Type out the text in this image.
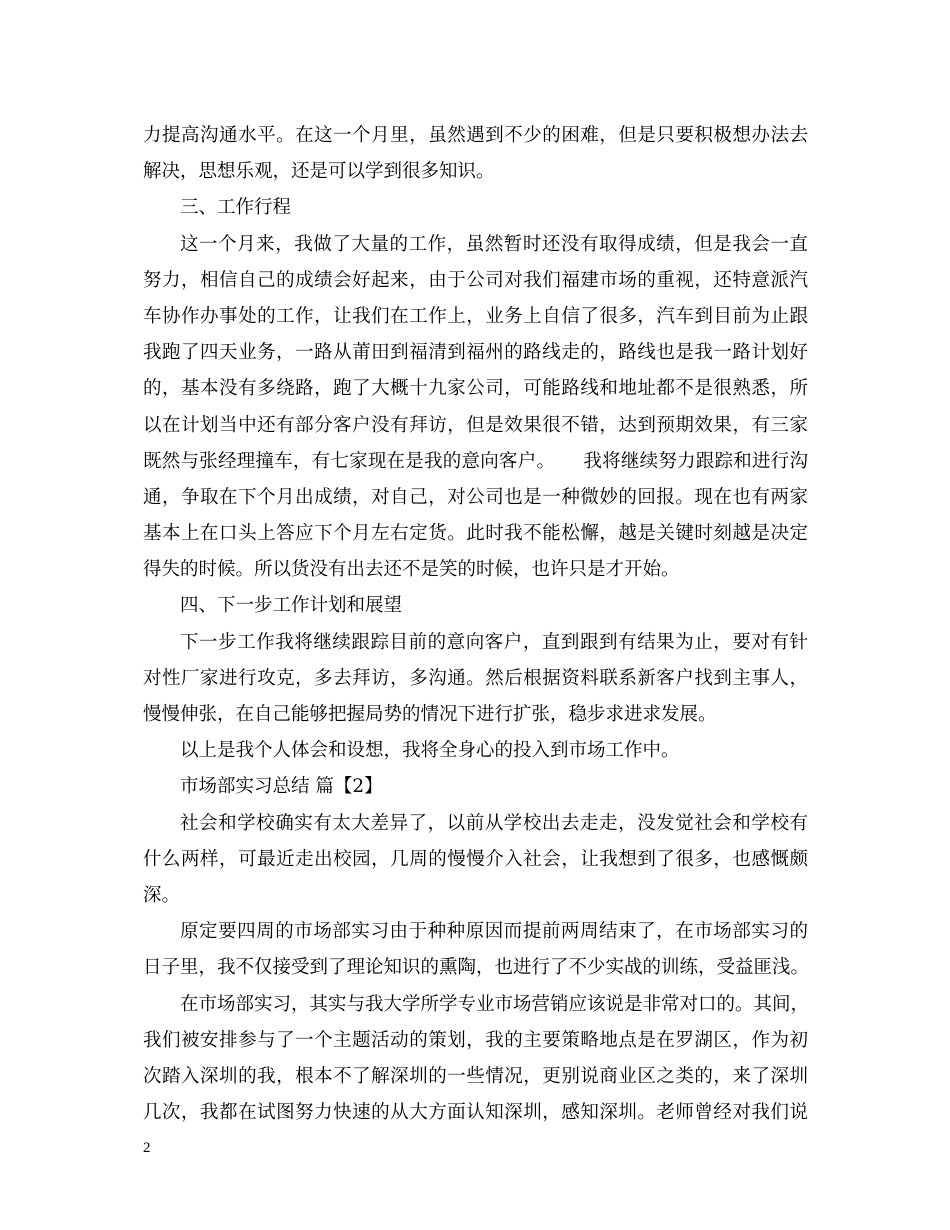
力提高沟通水平。在这一个月里，虽然遇到不少的困难，但是只要积极想办法去
解决，思想乐观，还是可以学到很多知识。
三、工作行程
这一个月来，我做了大量的工作，虽然暂时还没有取得成绩，但是我会一直
努力，相信自己的成绩会好起来，由于公司对我们福建市场的重视，还特意派汽
车协作办事处的工作，让我们在工作上，业务上自信了很多，汽车到目前为止跟
我跑了四天业务，一路从莆田到福清到福州的路线走的，路线也是我一路计划好
的，基本没有多绕路，跑了大概十九家公司，可能路线和地址都不是很熟悉，所
以在计划当中还有部分客户没有拜访，但是效果很不错，达到预期效果，有三家
既然与张经理撞车，有七家现在是我的意向客户。　　我将继续努力跟踪和进行沟
通，争取在下个月出成绩，对自己，对公司也是一种微妙的回报。现在也有两家
基本上在口头上答应下个月左右定货。此时我不能松懈，越是关键时刻越是决定
得失的时候。所以货没有出去还不是笑的时候，也许只是才开始。
四、下一步工作计划和展望
下一步工作我将继续跟踪目前的意向客户，直到跟到有结果为止，要对有针
对性厂家进行攻克，多去拜访，多沟通。然后根据资料联系新客户找到主事人，
慢慢伸张，在自己能够把握局势的情况下进行扩张，稳步求进求发展。
以上是我个人体会和设想，我将全身心的投入到市场工作中。
市场部实习总结 篇【2】
社会和学校确实有太大差异了，以前从学校出去走走，没发觉社会和学校有
什么两样，可最近走出校园，几周的慢慢介入社会，让我想到了很多，也感慨颇
深。
原定要四周的市场部实习由于种种原因而提前两周结束了，在市场部实习的
日子里，我不仅接受到了理论知识的熏陶，也进行了不少实战的训练，受益匪浅。
在市场部实习，其实与我大学所学专业市场营销应该说是非常对口的。其间，
我们被安排参与了一个主题活动的策划，我的主要策略地点是在罗湖区，作为初
次踏入深圳的我，根本不了解深圳的一些情况，更别说商业区之类的，来了深圳
几次，我都在试图努力快速的从大方面认知深圳，感知深圳。老师曾经对我们说
2
